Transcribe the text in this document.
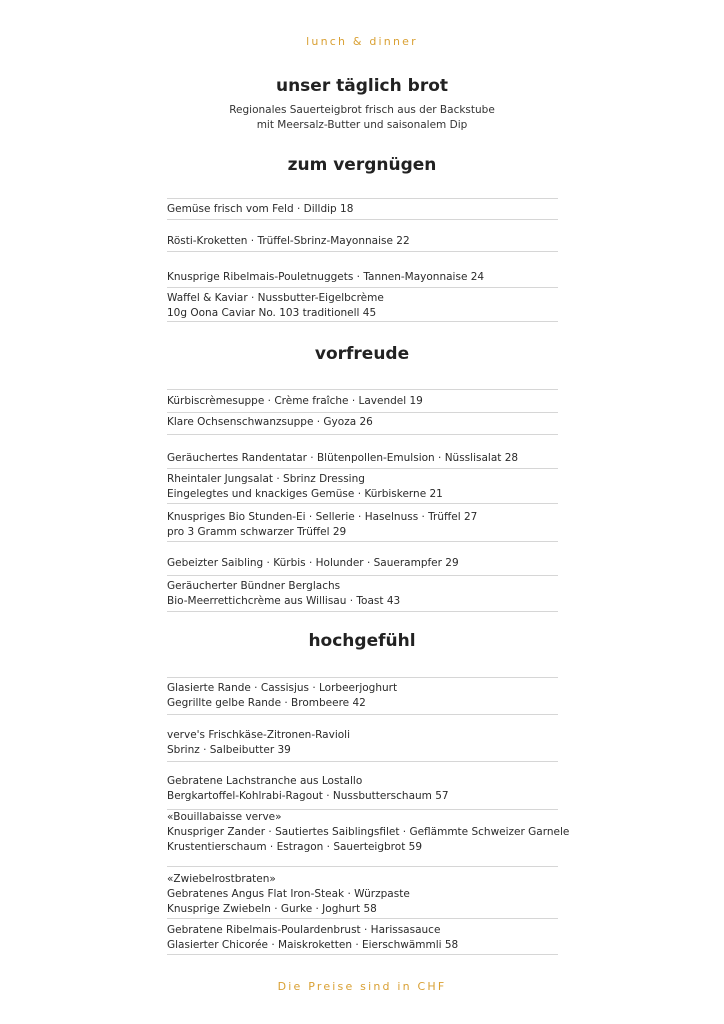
lunch & dinner
Die Preise sind in CHF
unser täglich brot
Regionales Sauerteigbrot frisch aus der Backstube
mit Meersalz-Butter und saisonalem Dip
zum vergnügen
Gemüse frisch vom Feld · Dilldip 18
Rösti-Kroketten · Trüffel-Sbrinz-Mayonnaise 22
Knusprige Ribelmais-Pouletnuggets · Tannen-Mayonnaise 24
Waffel & Kaviar · Nussbutter-Eigelbcrème
10g Oona Caviar No. 103 traditionell 45
vorfreude
Kürbiscrèmesuppe · Crème fraîche · Lavendel 19
Klare Ochsenschwanzsuppe · Gyoza 26
Geräuchertes Randentatar · Blütenpollen-Emulsion · Nüsslisalat 28
Rheintaler Jungsalat · Sbrinz Dressing
Eingelegtes und knackiges Gemüse · Kürbiskerne 21
Knuspriges Bio Stunden-Ei · Sellerie · Haselnuss · Trüffel 27
pro 3 Gramm schwarzer Trüffel 29
Gebeizter Saibling · Kürbis · Holunder · Sauerampfer 29
Geräucherter Bündner Berglachs
Bio-Meerrettichcrème aus Willisau · Toast 43
hochgefühl
Glasierte Rande · Cassisjus · Lorbeerjoghurt
Gegrillte gelbe Rande · Brombeere 42
verve's Frischkäse-Zitronen-Ravioli
Sbrinz · Salbeibutter 39
Gebratene Lachstranche aus Lostallo
Bergkartoffel-Kohlrabi-Ragout · Nussbutterschaum 57
«Bouillabaisse verve»
Knuspriger Zander · Sautiertes Saiblingsfilet · Geflämmte Schweizer Garnele
Krustentierschaum · Estragon · Sauerteigbrot 59
«Zwiebelrostbraten»
Gebratenes Angus Flat Iron-Steak · Würzpaste
Knusprige Zwiebeln · Gurke · Joghurt 58
Gebratene Ribelmais-Poulardenbrust · Harissasauce
Glasierter Chicorée · Maiskroketten · Eierschwämmli 58
